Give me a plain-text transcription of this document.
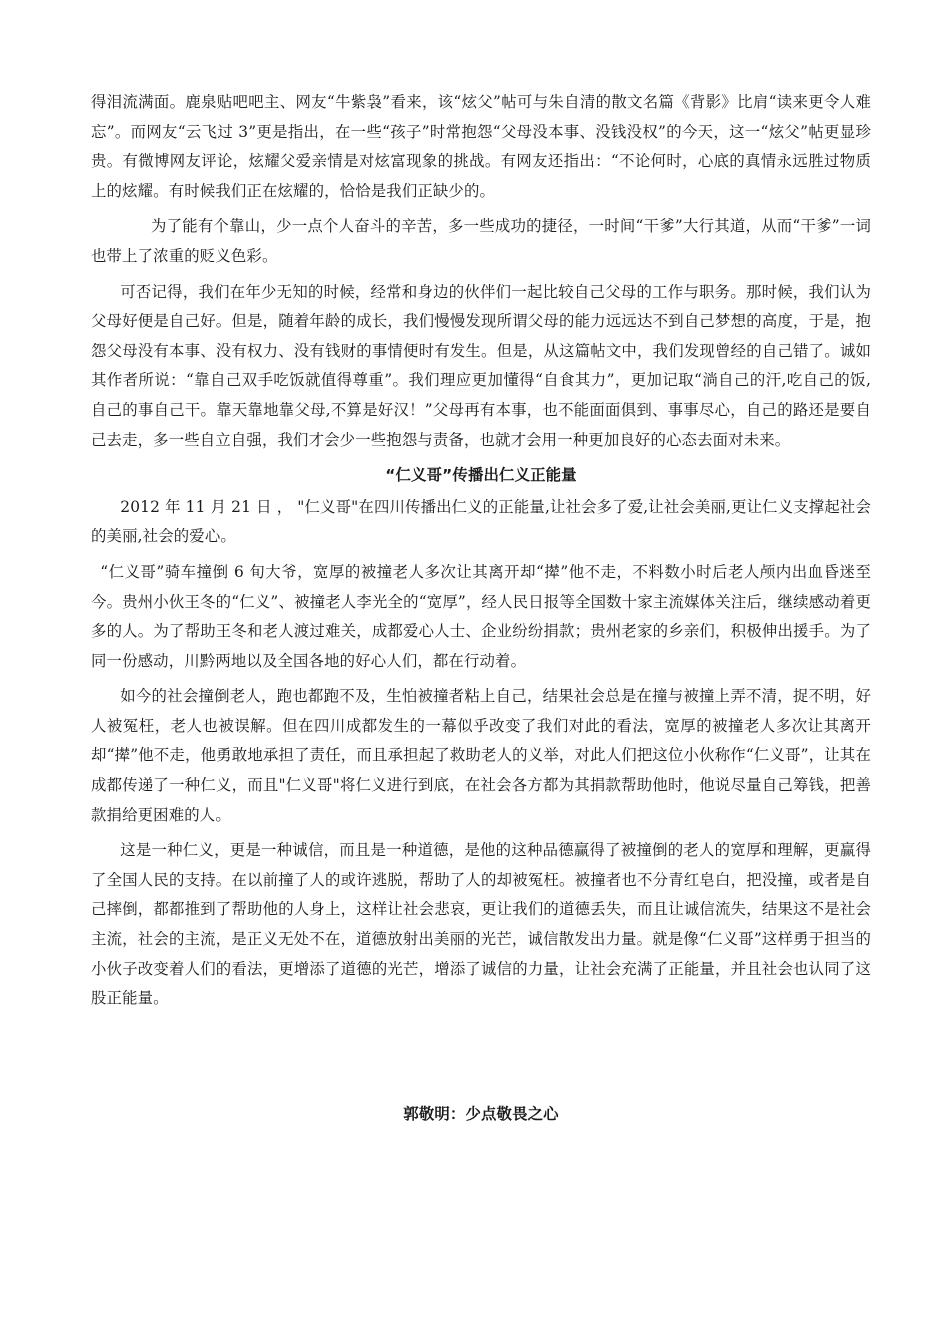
得泪流满面。鹿泉贴吧吧主、网友“牛紫袅”看来，该“炫父”帖可与朱自清的散文名篇《背影》比肩“读来更令人难忘”。而网友“云飞过 3”更是指出，在一些“孩子”时常抱怨“父母没本事、没钱没权”的今天，这一“炫父”帖更显珍贵。有微博网友评论，炫耀父爱亲情是对炫富现象的挑战。有网友还指出：“不论何时，心底的真情永远胜过物质上的炫耀。有时候我们正在炫耀的，恰恰是我们正缺少的。

为了能有个靠山，少一点个人奋斗的辛苦，多一些成功的捷径，一时间“干爹”大行其道，从而“干爹”一词也带上了浓重的贬义色彩。

可否记得，我们在年少无知的时候，经常和身边的伙伴们一起比较自己父母的工作与职务。那时候，我们认为父母好便是自己好。但是，随着年龄的成长，我们慢慢发现所谓父母的能力远远达不到自己梦想的高度，于是，抱怨父母没有本事、没有权力、没有钱财的事情便时有发生。但是，从这篇帖文中，我们发现曾经的自己错了。诚如其作者所说：“靠自己双手吃饭就值得尊重”。我们理应更加懂得“自食其力”，更加记取“淌自己的汗,吃自己的饭,自己的事自己干。靠天靠地靠父母,不算是好汉！”父母再有本事，也不能面面俱到、事事尽心，自己的路还是要自己去走，多一些自立自强，我们才会少一些抱怨与责备，也就才会用一种更加良好的心态去面对未来。

“仁义哥”传播出仁义正能量

2012 年 11 月 21 日 ， "仁义哥"在四川传播出仁义的正能量,让社会多了爱,让社会美丽,更让仁义支撑起社会的美丽,社会的爱心。

“仁义哥”骑车撞倒 6 旬大爷，宽厚的被撞老人多次让其离开却“撵”他不走，不料数小时后老人颅内出血昏迷至今。贵州小伙王冬的“仁义”、被撞老人李光全的“宽厚”，经人民日报等全国数十家主流媒体关注后，继续感动着更多的人。为了帮助王冬和老人渡过难关，成都爱心人士、企业纷纷捐款；贵州老家的乡亲们，积极伸出援手。为了同一份感动，川黔两地以及全国各地的好心人们，都在行动着。

如今的社会撞倒老人，跑也都跑不及，生怕被撞者粘上自己，结果社会总是在撞与被撞上弄不清，捉不明，好人被冤枉，老人也被误解。但在四川成都发生的一幕似乎改变了我们对此的看法，宽厚的被撞老人多次让其离开却“撵”他不走，他勇敢地承担了责任，而且承担起了救助老人的义举，对此人们把这位小伙称作“仁义哥”，让其在成都传递了一种仁义，而且"仁义哥"将仁义进行到底，在社会各方都为其捐款帮助他时，他说尽量自己筹钱，把善款捐给更困难的人。

这是一种仁义，更是一种诚信，而且是一种道德，是他的这种品德赢得了被撞倒的老人的宽厚和理解，更赢得了全国人民的支持。在以前撞了人的或许逃脱，帮助了人的却被冤枉。被撞者也不分青红皂白，把没撞，或者是自己摔倒，都都推到了帮助他的人身上，这样让社会悲哀，更让我们的道德丢失，而且让诚信流失，结果这不是社会主流，社会的主流，是正义无处不在，道德放射出美丽的光芒，诚信散发出力量。就是像“仁义哥”这样勇于担当的小伙子改变着人们的看法，更增添了道德的光芒，增添了诚信的力量，让社会充满了正能量，并且社会也认同了这股正能量。

郭敬明：少点敬畏之心
